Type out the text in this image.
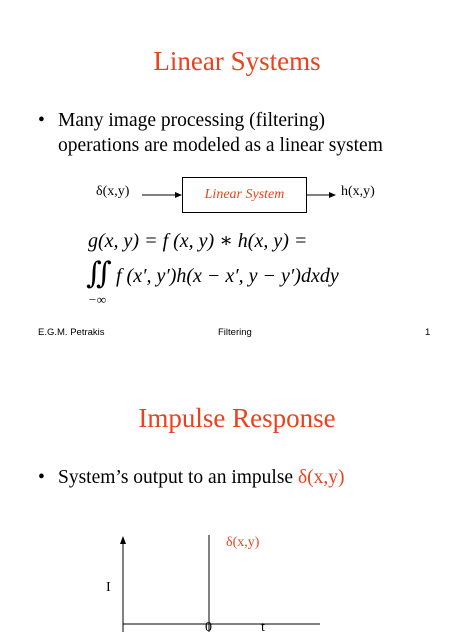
Linear Systems
• Many image processing (filtering)
operations are modeled as a linear system
δ(x,y)	Linear System	h(x,y)
g(x, y) = f (x, y) ∗ h(x, y) =
∬ f (x′, y′)h(x − x′, y − y′)dxdy
−∞
E.G.M. Petrakis	Filtering	1
Impulse Response
• System’s output to an impulse δ(x,y)
δ(x,y)
I
0	t
